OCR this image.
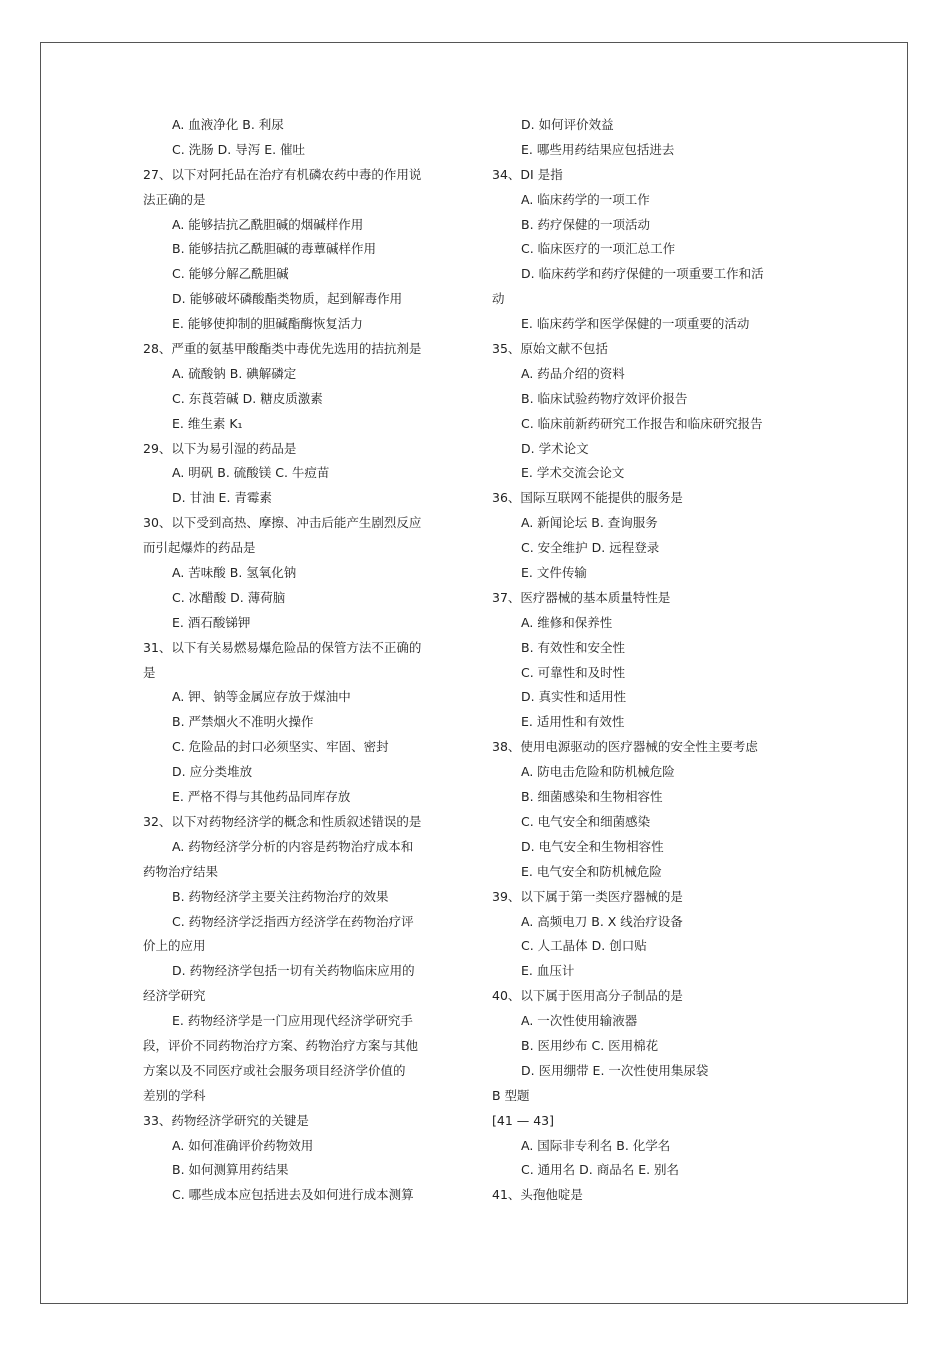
A. 血液净化 B. 利尿
C. 洗肠 D. 导泻 E. 催吐
27、以下对阿托品在治疗有机磷农药中毒的作用说
法正确的是
A. 能够拮抗乙酰胆碱的烟碱样作用
B. 能够拮抗乙酰胆碱的毒蕈碱样作用
C. 能够分解乙酰胆碱
D. 能够破坏磷酸酯类物质，起到解毒作用
E. 能够使抑制的胆碱酯酶恢复活力
28、严重的氨基甲酸酯类中毒优先选用的拮抗剂是
A. 硫酸钠 B. 碘解磷定
C. 东莨菪碱 D. 糖皮质激素
E. 维生素 K₁
29、以下为易引湿的药品是
A. 明矾 B. 硫酸镁 C. 牛痘苗
D. 甘油 E. 青霉素
30、以下受到高热、摩擦、冲击后能产生剧烈反应
而引起爆炸的药品是
A. 苦味酸 B. 氢氧化钠
C. 冰醋酸 D. 薄荷脑
E. 酒石酸锑钾
31、以下有关易燃易爆危险品的保管方法不正确的
是
A. 钾、钠等金属应存放于煤油中
B. 严禁烟火不准明火操作
C. 危险品的封口必须坚实、牢固、密封
D. 应分类堆放
E. 严格不得与其他药品同库存放
32、以下对药物经济学的概念和性质叙述错误的是
A. 药物经济学分析的内容是药物治疗成本和
药物治疗结果
B. 药物经济学主要关注药物治疗的效果
C. 药物经济学泛指西方经济学在药物治疗评
价上的应用
D. 药物经济学包括一切有关药物临床应用的
经济学研究
E. 药物经济学是一门应用现代经济学研究手
段，评价不同药物治疗方案、药物治疗方案与其他
方案以及不同医疗或社会服务项目经济学价值的
差别的学科
33、药物经济学研究的关键是
A. 如何准确评价药物效用
B. 如何测算用药结果
C. 哪些成本应包括进去及如何进行成本测算
D. 如何评价效益
E. 哪些用药结果应包括进去
34、DI 是指
A. 临床药学的一项工作
B. 药疗保健的一项活动
C. 临床医疗的一项汇总工作
D. 临床药学和药疗保健的一项重要工作和活
动
E. 临床药学和医学保健的一项重要的活动
35、原始文献不包括
A. 药品介绍的资料
B. 临床试验药物疗效评价报告
C. 临床前新药研究工作报告和临床研究报告
D. 学术论文
E. 学术交流会论文
36、国际互联网不能提供的服务是
A. 新闻论坛 B. 查询服务
C. 安全维护 D. 远程登录
E. 文件传输
37、医疗器械的基本质量特性是
A. 维修和保养性
B. 有效性和安全性
C. 可靠性和及时性
D. 真实性和适用性
E. 适用性和有效性
38、使用电源驱动的医疗器械的安全性主要考虑
A. 防电击危险和防机械危险
B. 细菌感染和生物相容性
C. 电气安全和细菌感染
D. 电气安全和生物相容性
E. 电气安全和防机械危险
39、以下属于第一类医疗器械的是
A. 高频电刀 B. X 线治疗设备
C. 人工晶体 D. 创口贴
E. 血压计
40、以下属于医用高分子制品的是
A. 一次性使用输液器
B. 医用纱布 C. 医用棉花
D. 医用绷带 E. 一次性使用集尿袋
B 型题
[41 — 43]
A. 国际非专利名 B. 化学名
C. 通用名 D. 商品名 E. 别名
41、头孢他啶是
